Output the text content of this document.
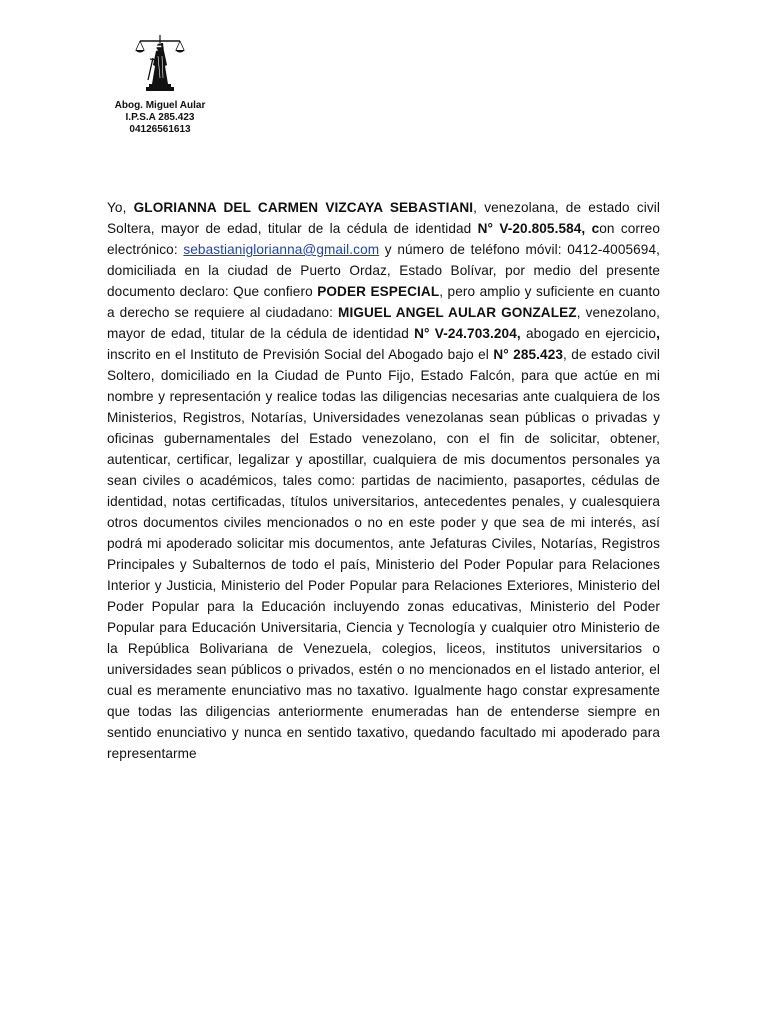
Abog. Miguel Aular
I.P.S.A 285.423
04126561613
Yo, GLORIANNA DEL CARMEN VIZCAYA SEBASTIANI, venezolana, de estado civil Soltera, mayor de edad, titular de la cédula de identidad N° V-20.805.584, con correo electrónico: sebastianiglorianna@gmail.com y número de teléfono móvil: 0412-4005694, domiciliada en la ciudad de Puerto Ordaz, Estado Bolívar, por medio del presente documento declaro: Que confiero PODER ESPECIAL, pero amplio y suficiente en cuanto a derecho se requiere al ciudadano: MIGUEL ANGEL AULAR GONZALEZ, venezolano, mayor de edad, titular de la cédula de identidad N° V-24.703.204, abogado en ejercicio, inscrito en el Instituto de Previsión Social del Abogado bajo el N° 285.423, de estado civil Soltero, domiciliado en la Ciudad de Punto Fijo, Estado Falcón, para que actúe en mi nombre y representación y realice todas las diligencias necesarias ante cualquiera de los Ministerios, Registros, Notarías, Universidades venezolanas sean públicas o privadas y oficinas gubernamentales del Estado venezolano, con el fin de solicitar, obtener, autenticar, certificar, legalizar y apostillar, cualquiera de mis documentos personales ya sean civiles o académicos, tales como: partidas de nacimiento, pasaportes, cédulas de identidad, notas certificadas, títulos universitarios, antecedentes penales, y cualesquiera otros documentos civiles mencionados o no en este poder y que sea de mi interés, así podrá mi apoderado solicitar mis documentos, ante Jefaturas Civiles, Notarías, Registros Principales y Subalternos de todo el país, Ministerio del Poder Popular para Relaciones Interior y Justicia, Ministerio del Poder Popular para Relaciones Exteriores, Ministerio del Poder Popular para la Educación incluyendo zonas educativas, Ministerio del Poder Popular para Educación Universitaria, Ciencia y Tecnología y cualquier otro Ministerio de la República Bolivariana de Venezuela, colegios, liceos, institutos universitarios o universidades sean públicos o privados, estén o no mencionados en el listado anterior, el cual es meramente enunciativo mas no taxativo. Igualmente hago constar expresamente que todas las diligencias anteriormente enumeradas han de entenderse siempre en sentido enunciativo y nunca en sentido taxativo, quedando facultado mi apoderado para representarme
